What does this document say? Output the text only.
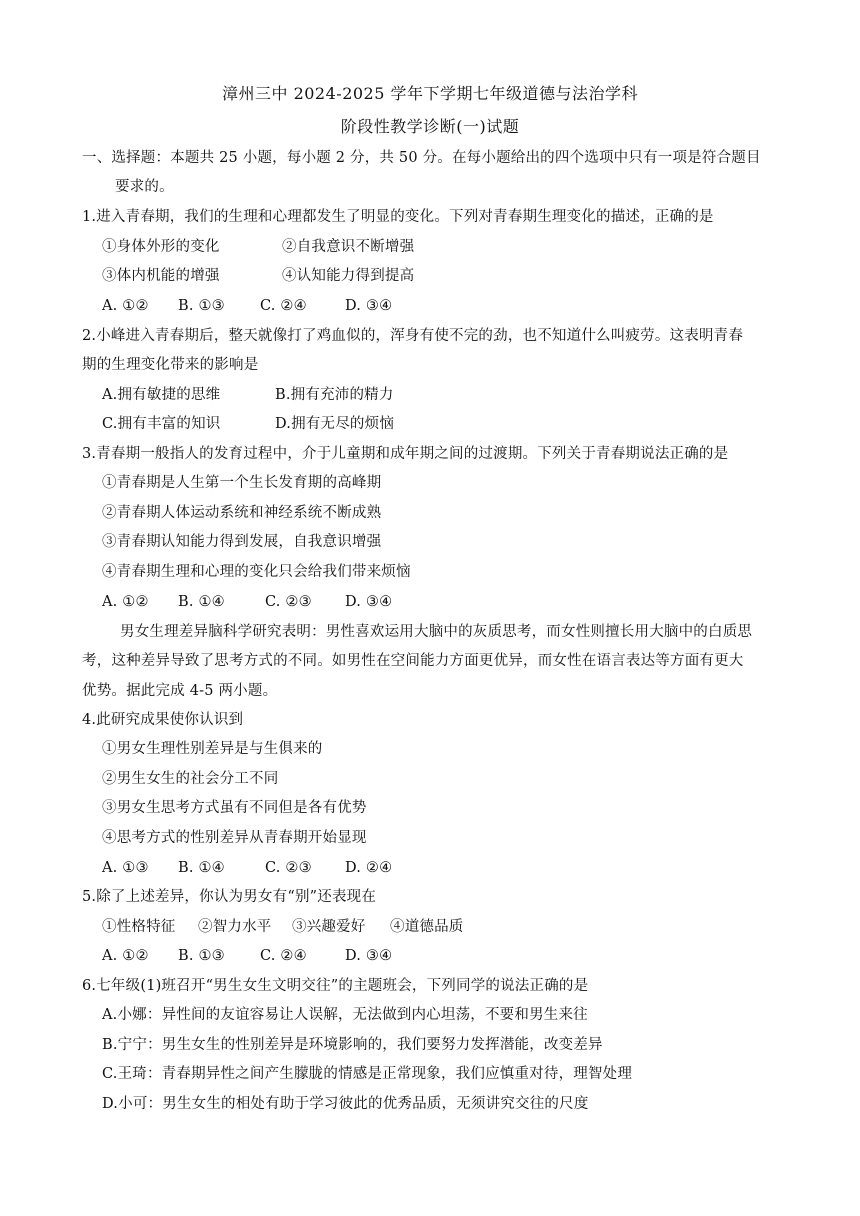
漳州三中 2024-2025 学年下学期七年级道德与法治学科
阶段性教学诊断(一)试题
一、选择题：本题共 25 小题，每小题 2 分，共 50 分。在每小题给出的四个选项中只有一项是符合题目
要求的。
1.进入青春期，我们的生理和心理都发生了明显的变化。下列对青春期生理变化的描述，正确的是
①身体外形的变化	②自我意识不断增强
③体内机能的增强	④认知能力得到提高
A. ①② B. ①③ C. ②④	D. ③④
2.小峰进入青春期后，整天就像打了鸡血似的，浑身有使不完的劲，也不知道什么叫疲劳。这表明青春
期的生理变化带来的影响是
A.拥有敏捷的思维	B.拥有充沛的精力
C.拥有丰富的知识	D.拥有无尽的烦恼
3.青春期一般指人的发育过程中，介于儿童期和成年期之间的过渡期。下列关于青春期说法正确的是
①青春期是人生第一个生长发育期的高峰期
②青春期人体运动系统和神经系统不断成熟
③青春期认知能力得到发展，自我意识增强
④青春期生理和心理的变化只会给我们带来烦恼
A. ①② B. ①④	C. ②③ D. ③④
男女生理差异脑科学研究表明：男性喜欢运用大脑中的灰质思考，而女性则擅长用大脑中的白质思
考，这种差异导致了思考方式的不同。如男性在空间能力方面更优异，而女性在语言表达等方面有更大
优势。据此完成 4-5 两小题。
4.此研究成果使你认识到
①男女生理性别差异是与生俱来的
②男生女生的社会分工不同
③男女生思考方式虽有不同但是各有优势
④思考方式的性别差异从青春期开始显现
A. ①③ B. ①④	C. ②③ D. ②④
5.除了上述差异，你认为男女有“别”还表现在
①性格特征 ②智力水平 ③兴趣爱好 ④道德品质
A. ①② B. ①③ C. ②④	D. ③④
6.七年级(1)班召开“男生女生文明交往”的主题班会，下列同学的说法正确的是
A.小娜：异性间的友谊容易让人误解，无法做到内心坦荡，不要和男生来往
B.宁宁：男生女生的性别差异是环境影响的，我们要努力发挥潜能，改变差异
C.王琦：青春期异性之间产生朦胧的情感是正常现象，我们应慎重对待，理智处理
D.小可：男生女生的相处有助于学习彼此的优秀品质，无须讲究交往的尺度
